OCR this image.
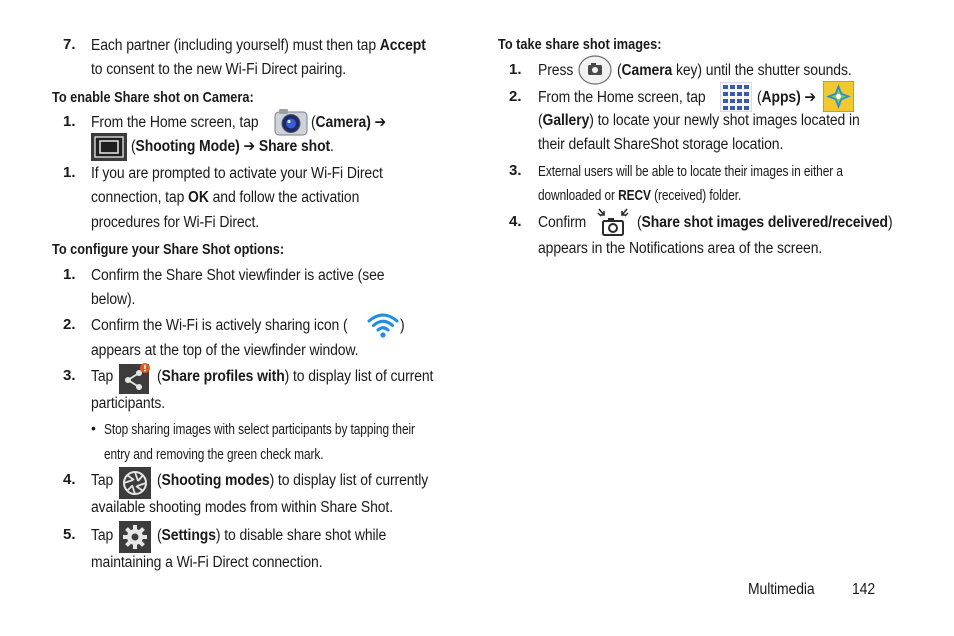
7. Each partner (including yourself) must then tap Accept
to consent to the new Wi-Fi Direct pairing.
To enable Share shot on Camera:
1. From the Home screen, tap	(Camera) ➔
(Shooting Mode) ➔ Share shot.
1. If you are prompted to activate your Wi-Fi Direct
connection, tap OK and follow the activation
procedures for Wi-Fi Direct.
To configure your Share Shot options:
1. Confirm the Share Shot viewfinder is active (see
below).
2. Confirm the Wi-Fi is actively sharing icon (	)
appears at the top of the viewfinder window.
3. Tap	(Share profiles with) to display list of current
participants.
• Stop sharing images with select participants by tapping their
entry and removing the green check mark.
4. Tap	(Shooting modes) to display list of currently
available shooting modes from within Share Shot.
5. Tap	(Settings) to disable share shot while
maintaining a Wi-Fi Direct connection.
To take share shot images:
1. Press	(Camera key) until the shutter sounds.
2. From the Home screen, tap	(Apps) ➔
(Gallery) to locate your newly shot images located in
their default ShareShot storage location.
3. External users will be able to locate their images in either a
downloaded or RECV (received) folder.
4. Confirm	(Share shot images delivered/received)
appears in the Notifications area of the screen.
Multimedia 142
